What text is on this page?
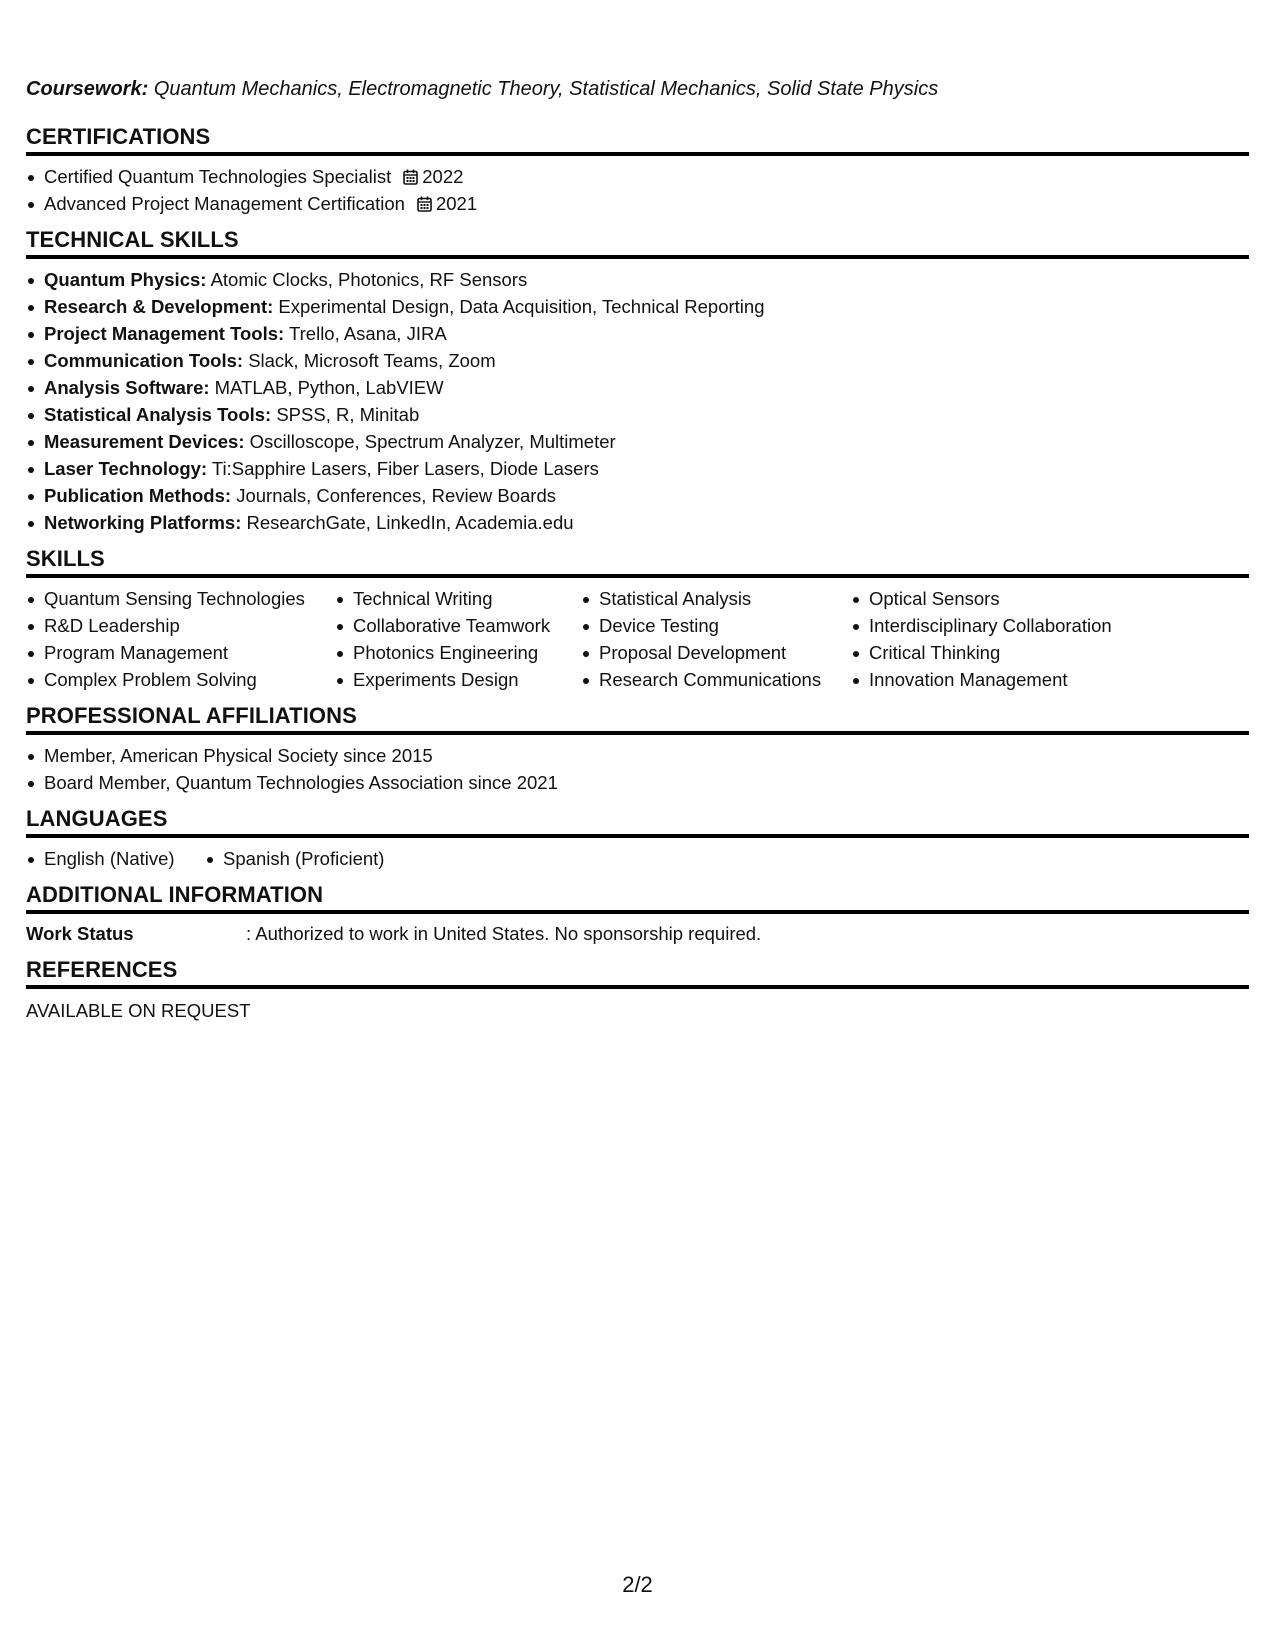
Coursework: Quantum Mechanics, Electromagnetic Theory, Statistical Mechanics, Solid State Physics
CERTIFICATIONS
Certified Quantum Technologies Specialist 2022
Advanced Project Management Certification 2021
TECHNICAL SKILLS
Quantum Physics: Atomic Clocks, Photonics, RF Sensors
Research & Development: Experimental Design, Data Acquisition, Technical Reporting
Project Management Tools: Trello, Asana, JIRA
Communication Tools: Slack, Microsoft Teams, Zoom
Analysis Software: MATLAB, Python, LabVIEW
Statistical Analysis Tools: SPSS, R, Minitab
Measurement Devices: Oscilloscope, Spectrum Analyzer, Multimeter
Laser Technology: Ti:Sapphire Lasers, Fiber Lasers, Diode Lasers
Publication Methods: Journals, Conferences, Review Boards
Networking Platforms: ResearchGate, LinkedIn, Academia.edu
SKILLS
Quantum Sensing Technologies
R&D Leadership
Program Management
Complex Problem Solving
Technical Writing
Collaborative Teamwork
Photonics Engineering
Experiments Design
Statistical Analysis
Device Testing
Proposal Development
Research Communications
Optical Sensors
Interdisciplinary Collaboration
Critical Thinking
Innovation Management
PROFESSIONAL AFFILIATIONS
Member, American Physical Society since 2015
Board Member, Quantum Technologies Association since 2021
LANGUAGES
English (Native)	Spanish (Proficient)
ADDITIONAL INFORMATION
Work Status	: Authorized to work in United States. No sponsorship required.
REFERENCES
AVAILABLE ON REQUEST
2/2
